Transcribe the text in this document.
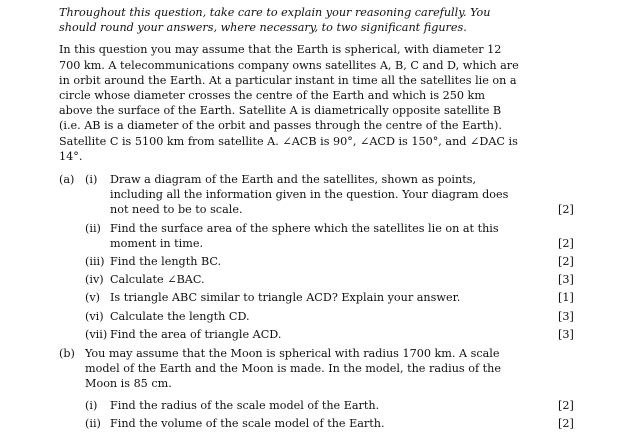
Throughout this question, take care to explain your reasoning carefully. You should round your answers, where necessary, to two significant figures.

In this question you may assume that the Earth is spherical, with diameter 12 700 km. A telecommunications company owns satellites A, B, C and D, which are in orbit around the Earth. At a particular instant in time all the satellites lie on a circle whose diameter crosses the centre of the Earth and which is 250 km above the surface of the Earth. Satellite A is diametrically opposite satellite B (i.e. AB is a diameter of the orbit and passes through the centre of the Earth). Satellite C is 5100 km from satellite A. ∠ACB is 90°, ∠ACD is 150°, and ∠DAC is 14°.

(a) (i) Draw a diagram of the Earth and the satellites, shown as points, including all the information given in the question. Your diagram does not need to be to scale.	[2]
(ii) Find the surface area of the sphere which the satellites lie on at this moment in time.	[2]
(iii) Find the length BC.	[2]
(iv) Calculate ∠BAC.	[3]
(v) Is triangle ABC similar to triangle ACD? Explain your answer.	[1]
(vi) Calculate the length CD.	[3]
(vii) Find the area of triangle ACD.	[3]
(b) You may assume that the Moon is spherical with radius 1700 km. A scale model of the Earth and the Moon is made. In the model, the radius of the Moon is 85 cm.
(i) Find the radius of the scale model of the Earth.	[2]
(ii) Find the volume of the scale model of the Earth.	[2]
